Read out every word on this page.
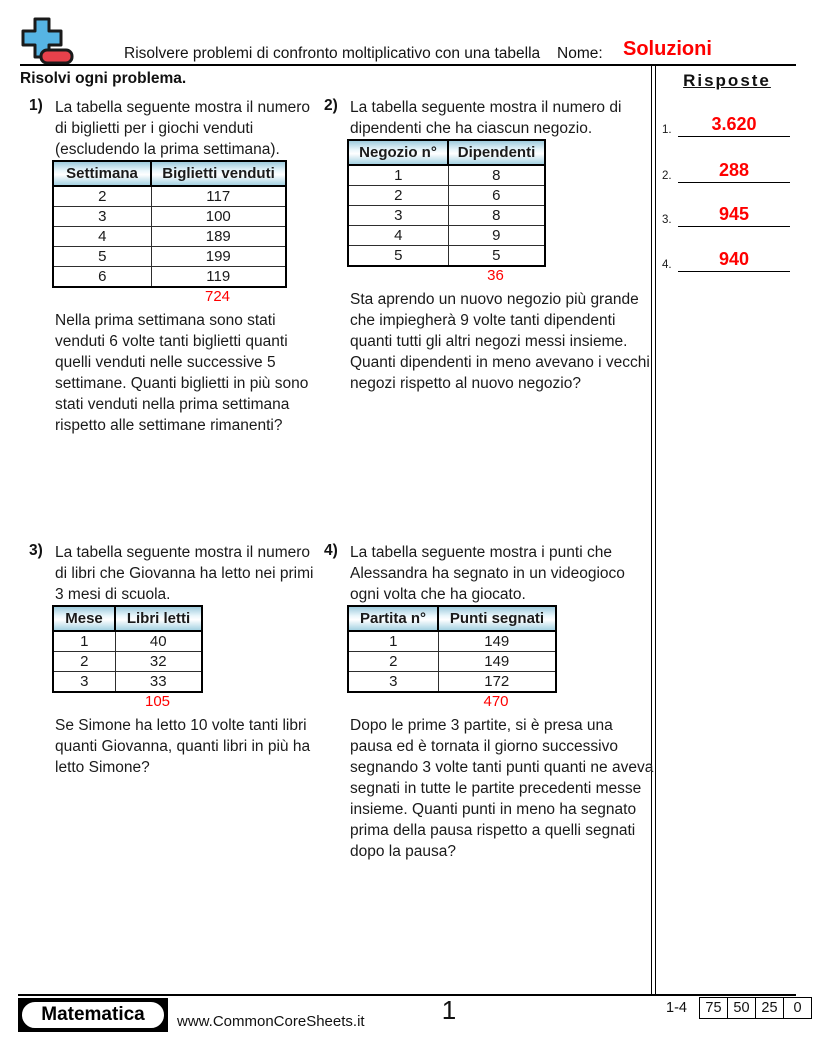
Risolvere problemi di confronto moltiplicativo con una tabella Nome: Soluzioni
Risolvi ogni problema.	Risposte
1.	3.620
2.	288
3.	945
4.	940
1) La tabella seguente mostra il numero di biglietti per i giochi venduti (escludendo la prima settimana).
Settimana	Biglietti venduti
2	117
3	100
4	189
5	199
6	119
724
Nella prima settimana sono stati venduti 6 volte tanti biglietti quanti quelli venduti nelle successive 5 settimane. Quanti biglietti in più sono stati venduti nella prima settimana rispetto alle settimane rimanenti?
2) La tabella seguente mostra il numero di dipendenti che ha ciascun negozio.
Negozio n°	Dipendenti
1	8
2	6
3	8
4	9
5	5
36
Sta aprendo un nuovo negozio più grande che impiegherà 9 volte tanti dipendenti quanti tutti gli altri negozi messi insieme. Quanti dipendenti in meno avevano i vecchi negozi rispetto al nuovo negozio?
3) La tabella seguente mostra il numero di libri che Giovanna ha letto nei primi 3 mesi di scuola.
Mese	Libri letti
1	40
2	32
3	33
105
Se Simone ha letto 10 volte tanti libri quanti Giovanna, quanti libri in più ha letto Simone?
4) La tabella seguente mostra i punti che Alessandra ha segnato in un videogioco ogni volta che ha giocato.
Partita n°	Punti segnati
1	149
2	149
3	172
470
Dopo le prime 3 partite, si è presa una pausa ed è tornata il giorno successivo segnando 3 volte tanti punti quanti ne aveva segnati in tutte le partite precedenti messe insieme. Quanti punti in meno ha segnato prima della pausa rispetto a quelli segnati dopo la pausa?
Matematica	www.CommonCoreSheets.it	1	1-4 75	50	25	0
